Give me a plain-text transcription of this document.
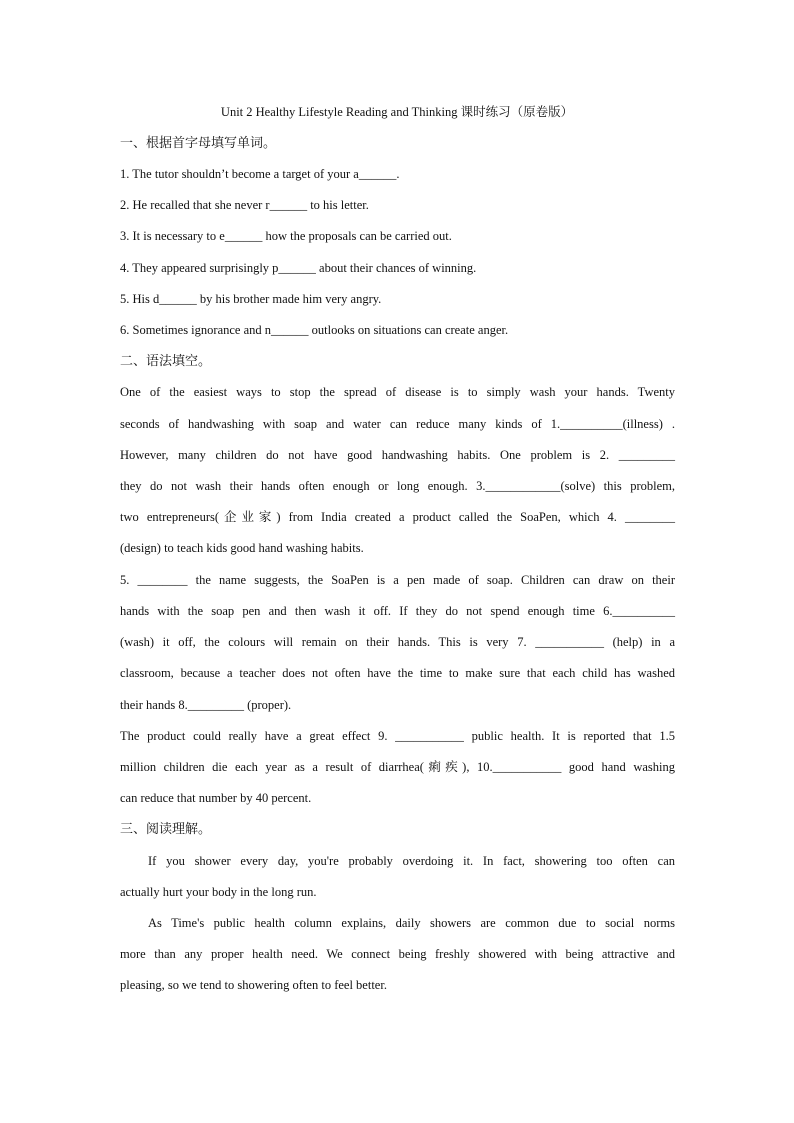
Unit 2 Healthy Lifestyle Reading and Thinking 课时练习（原卷版）
一、根据首字母填写单词。
1. The tutor shouldn’t become a target of your a______.
2. He recalled that she never r______ to his letter.
3. It is necessary to e______ how the proposals can be carried out.
4. They appeared surprisingly p______ about their chances of winning.
5. His d______ by his brother made him very angry.
6. Sometimes ignorance and n______ outlooks on situations can create anger.
二、语法填空。
One of the easiest ways to stop the spread of disease is to simply wash your hands. Twenty
seconds of handwashing with soap and water can reduce many kinds of 1.__________(illness) .
However, many children do not have good handwashing habits. One problem is 2. _________
they do not wash their hands often enough or long enough. 3.____________(solve) this problem,
two entrepreneurs(企业家) from India created a product called the SoaPen, which 4. ________
(design) to teach kids good hand washing habits.
5. ________ the name suggests, the SoaPen is a pen made of soap. Children can draw on their
hands with the soap pen and then wash it off. If they do not spend enough time 6.__________
(wash) it off, the colours will remain on their hands. This is very 7. ___________ (help) in a
classroom, because a teacher does not often have the time to make sure that each child has washed
their hands 8._________ (proper).
The product could really have a great effect 9. ___________ public health. It is reported that 1.5
million children die each year as a result of diarrhea(痢疾), 10.___________ good hand washing
can reduce that number by 40 percent.
三、阅读理解。
If you shower every day, you're probably overdoing it. In fact, showering too often can
actually hurt your body in the long run.
As Time's public health column explains, daily showers are common due to social norms
more than any proper health need. We connect being freshly showered with being attractive and
pleasing, so we tend to showering often to feel better.
